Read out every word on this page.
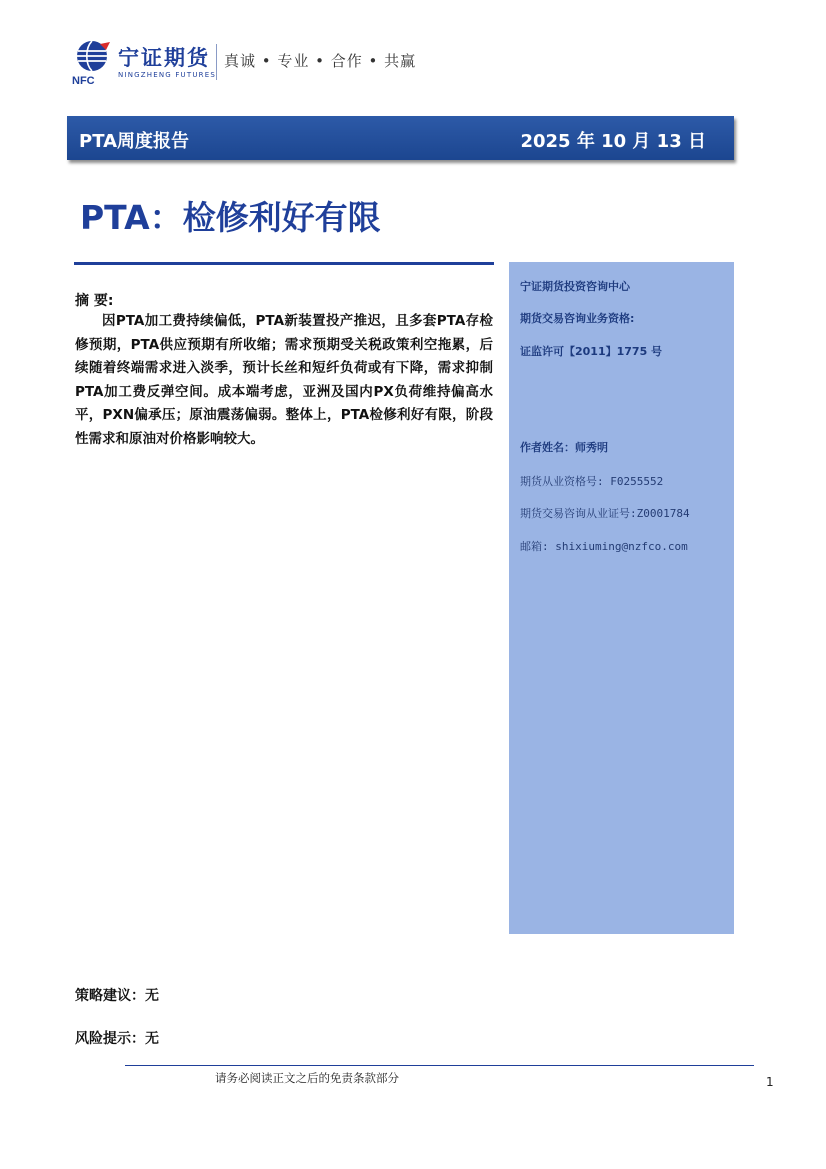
NFC
宁证期货
NINGZHENG FUTURES
真诚 • 专业 • 合作 • 共赢
PTA周度报告	2025 年 10 月 13 日
PTA：检修利好有限
摘 要:
因PTA加工费持续偏低，PTA新装置投产推迟，且多套PTA存检修预期，PTA供应预期有所收缩；需求预期受关税政策利空拖累，后续随着终端需求进入淡季，预计长丝和短纤负荷或有下降，需求抑制PTA加工费反弹空间。成本端考虑，亚洲及国内PX负荷维持偏高水平，PXN偏承压；原油震荡偏弱。整体上，PTA检修利好有限，阶段性需求和原油对价格影响较大。
宁证期货投资咨询中心
期货交易咨询业务资格:
证监许可【2011】1775 号
作者姓名：师秀明
期货从业资格号: F0255552
期货交易咨询从业证号:Z0001784
邮箱: shixiuming@nzfco.com
策略建议：无
风险提示：无
请务必阅读正文之后的免责条款部分	1
